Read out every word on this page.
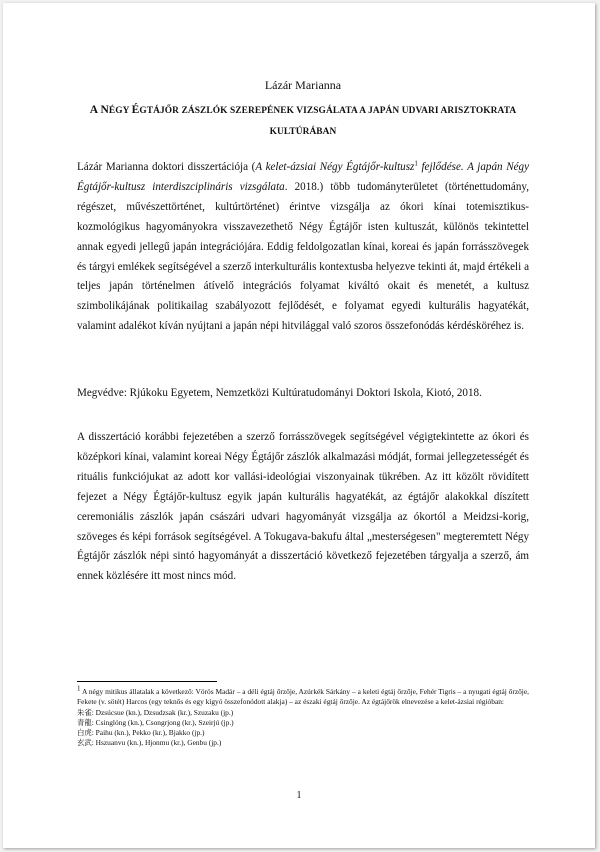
Lázár Marianna
A NÉGY ÉGTÁJŐR ZÁSZLÓK SZEREPÉNEK VIZSGÁLATA A JAPÁN UDVARI ARISZTOKRATA
KULTÚRÁBAN
Lázár Marianna doktori disszertációja (A kelet-ázsiai Négy Égtájőr-kultusz$^1$ fejlődése. A japán Négy Égtájőr-kultusz interdiszciplináris vizsgálata. 2018.) több tudományterületet (történettudomány, régészet, művészettörténet, kultúrtörténet) érintve vizsgálja az ókori kínai totemisztikus-kozmológikus hagyományokra visszavezethető Négy Égtájőr isten kultuszát, különös tekintettel annak egyedi jellegű japán integrációjára. Eddig feldolgozatlan kínai, koreai és japán forrásszövegek és tárgyi emlékek segítségével a szerző interkulturális kontextusba helyezve tekinti át, majd értékeli a teljes japán történelmen átívelő integrációs folyamat kiváltó okait és menetét, a kultusz szimbolikájának politikailag szabályozott fejlődését, e folyamat egyedi kulturális hagyatékát, valamint adalékot kíván nyújtani a japán népi hitvilággal való szoros összefonódás kérdésköréhez is.
Megvédve: Rjúkoku Egyetem, Nemzetközi Kultúratudományi Doktori Iskola, Kiotó, 2018.
A disszertáció korábbi fejezetében a szerző forrásszövegek segítségével végigtekintette az ókori és középkori kínai, valamint koreai Négy Égtájőr zászlók alkalmazási módját, formai jellegzetességét és rituális funkciójukat az adott kor vallási-ideológiai viszonyainak tükrében. Az itt közölt rövidített fejezet a Négy Égtájőr-kultusz egyik japán kulturális hagyatékát, az égtájőr alakokkal díszített ceremoniális zászlók japán császári udvari hagyományát vizsgálja az ókortól a Meidzsi-korig, szöveges és képi források segítségével. A Tokugava-bakufu által „mesterségesen" megteremtett Négy Égtájőr zászlók népi sintó hagyományát a disszertáció következő fejezetében tárgyalja a szerző, ám ennek közlésére itt most nincs mód.
$^1$ A négy mitikus állatalak a következő: Vörös Madár – a déli égtáj őrzője, Azúrkék Sárkány – a keleti égtáj őrzője, Fehér Tigris – a nyugati égtáj őrzője, Fekete (v. sötét) Harcos (egy teknős és egy kígyó összefonódott alakja) – az északi égtáj őrzője. Az égtájőrök elnevezése a kelet-ázsiai régióban:
朱雀: Dzsúcsue (kn.), Dzsudzsak (kr.), Szuzaku (jp.)
青龍: Csinglóng (kn.), Csongrjong (kr.), Szeirjú (jp.)
白虎: Paihu (kn.), Pekko (kr.), Bjakko (jp.)
玄武: Hszuanvu (kn.), Hjonmu (kr.), Genbu (jp.)
1
